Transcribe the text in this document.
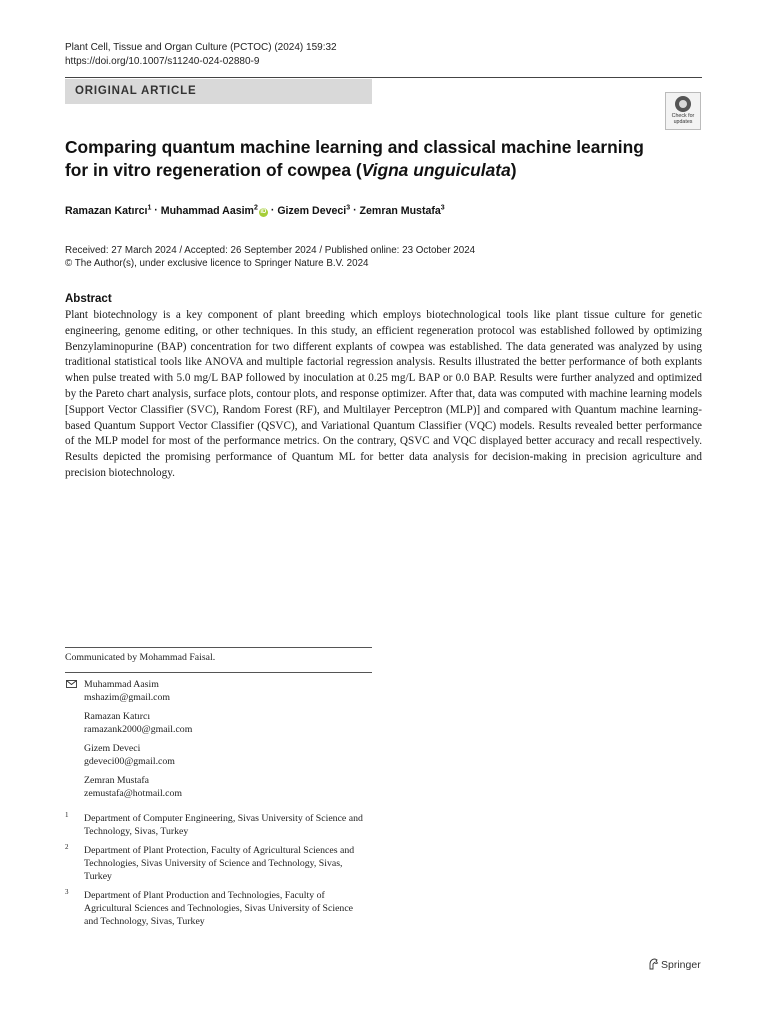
Plant Cell, Tissue and Organ Culture (PCTOC) (2024) 159:32
https://doi.org/10.1007/s11240-024-02880-9
ORIGINAL ARTICLE
Check for
updates
Comparing quantum machine learning and classical machine learning for in vitro regeneration of cowpea (Vigna unguiculata)
Ramazan Katırcı$^1$ · Muhammad Aasim$^2$iD · Gizem Deveci$^3$ · Zemran Mustafa$^3$
Received: 27 March 2024 / Accepted: 26 September 2024 / Published online: 23 October 2024
© The Author(s), under exclusive licence to Springer Nature B.V. 2024
Abstract
Plant biotechnology is a key component of plant breeding which employs biotechnological tools like plant tissue culture for genetic engineering, genome editing, or other techniques. In this study, an efficient regeneration protocol was established followed by optimizing Benzylaminopurine (BAP) concentration for two different explants of cowpea was established. The data generated was analyzed by using traditional statistical tools like ANOVA and multiple factorial regression analysis. Results illustrated the better performance of both explants when pulse treated with 5.0 mg/L BAP followed by inoculation at 0.25 mg/L BAP or 0.0 BAP. Results were further analyzed and optimized by the Pareto chart analysis, surface plots, contour plots, and response optimizer. After that, data was computed with machine learning models [Support Vector Classifier (SVC), Random Forest (RF), and Multilayer Perceptron (MLP)] and compared with Quantum machine learning-based Quantum Support Vector Classifier (QSVC), and Variational Quantum Classifier (VQC) models. Results revealed better performance of the MLP model for most of the performance metrics. On the contrary, QSVC and VQC displayed better accuracy and recall respectively. Results depicted the promising performance of Quantum ML for better data analysis for decision-making in precision agriculture and precision biotechnology.
Communicated by Mohammad Faisal.
Muhammad Aasim
mshazim@gmail.com
Ramazan Katırcı
ramazank2000@gmail.com
Gizem Deveci
gdeveci00@gmail.com
Zemran Mustafa
zemustafa@hotmail.com
1 Department of Computer Engineering, Sivas University of Science and Technology, Sivas, Turkey
2 Department of Plant Protection, Faculty of Agricultural Sciences and Technologies, Sivas University of Science and Technology, Sivas, Turkey
3 Department of Plant Production and Technologies, Faculty of Agricultural Sciences and Technologies, Sivas University of Science and Technology, Sivas, Turkey
Springer
